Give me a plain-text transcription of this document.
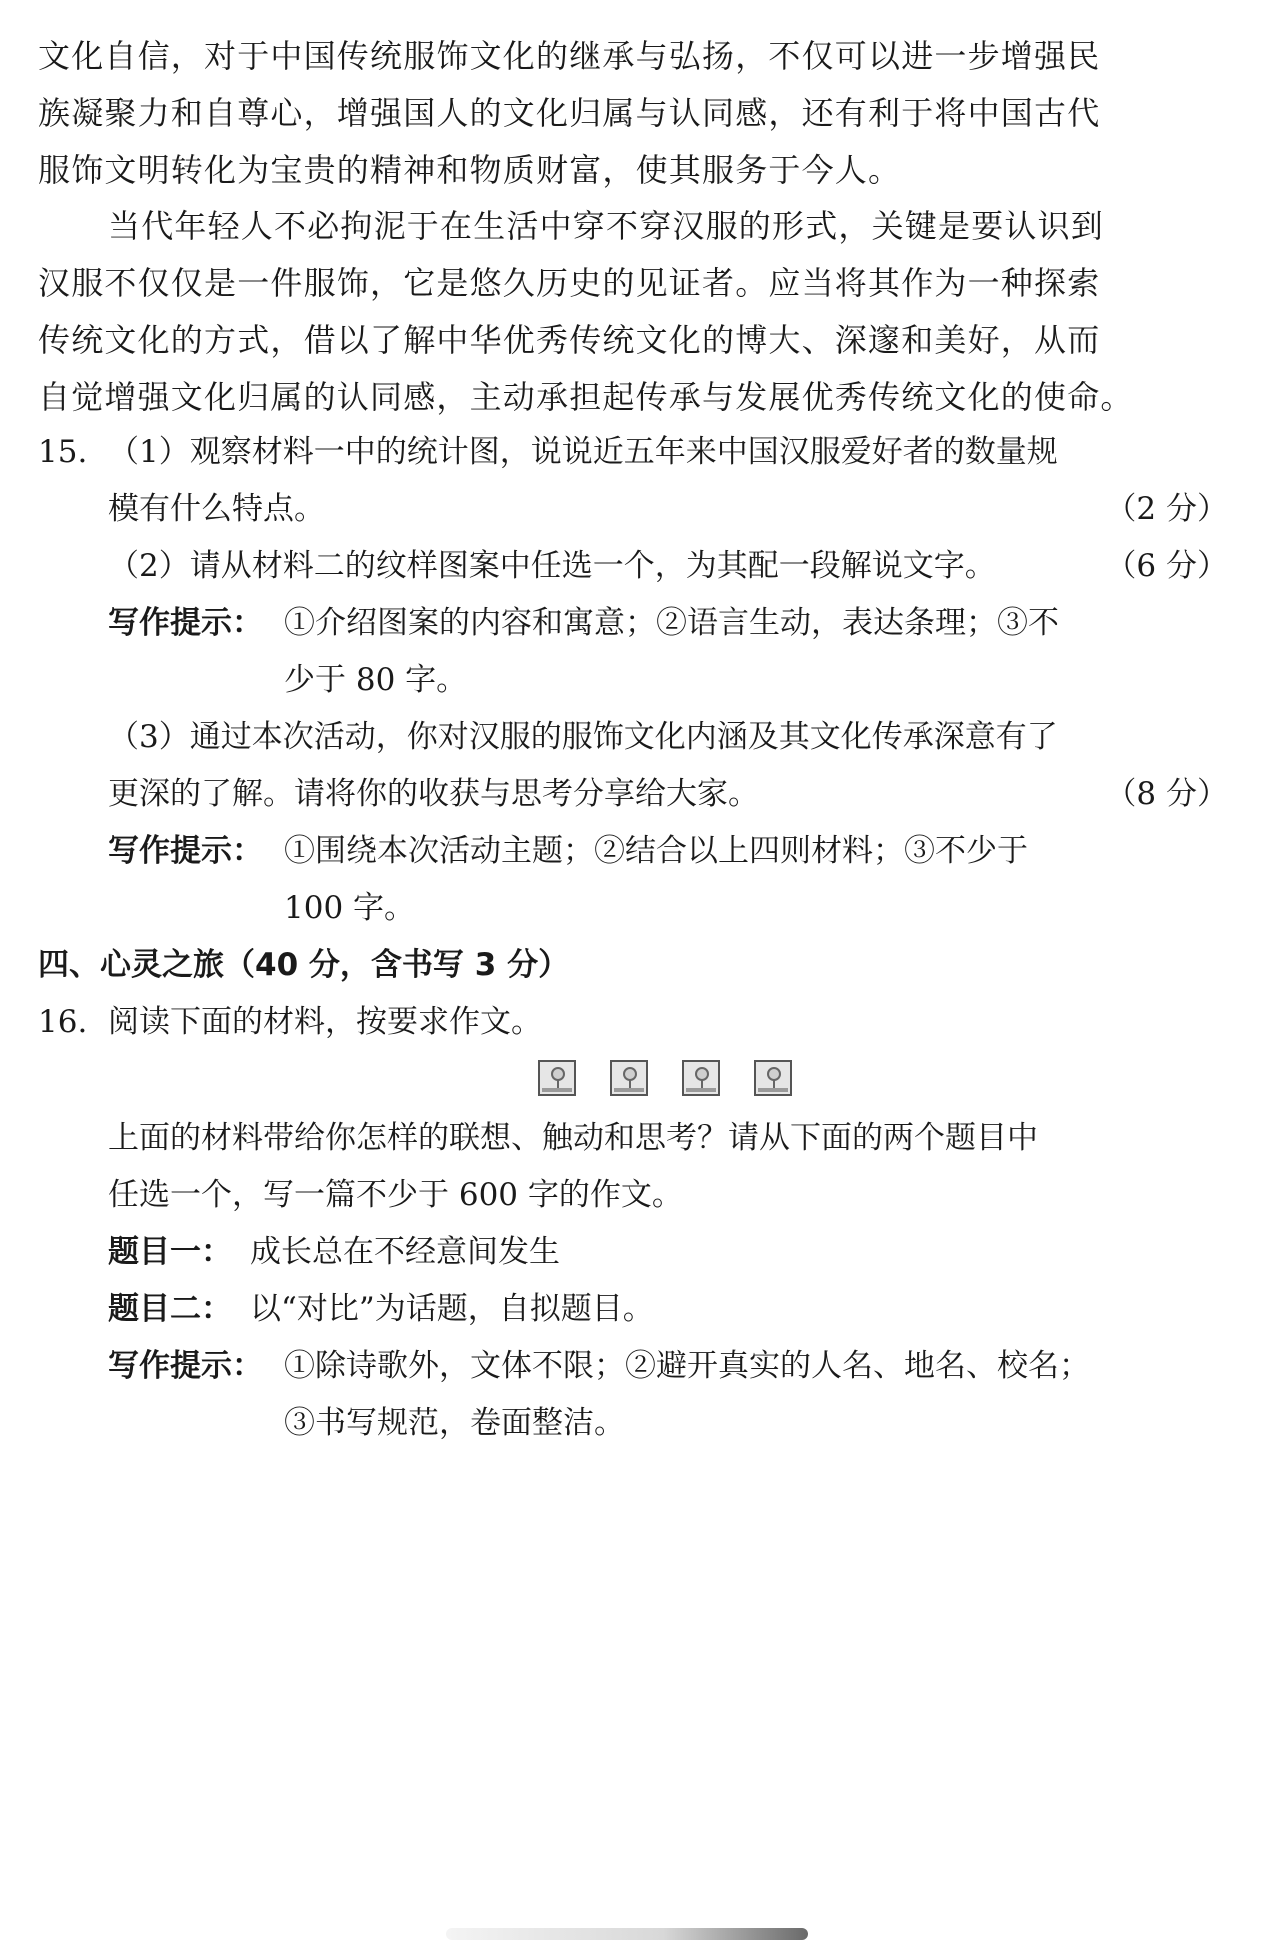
文化自信，对于中国传统服饰文化的继承与弘扬，不仅可以进一步增强民
族凝聚力和自尊心，增强国人的文化归属与认同感，还有利于将中国古代
服饰文明转化为宝贵的精神和物质财富，使其服务于今人。
当代年轻人不必拘泥于在生活中穿不穿汉服的形式，关键是要认识到
汉服不仅仅是一件服饰，它是悠久历史的见证者。应当将其作为一种探索
传统文化的方式，借以了解中华优秀传统文化的博大、深邃和美好，从而
自觉增强文化归属的认同感，主动承担起传承与发展优秀传统文化的使命。
15. （1）观察材料一中的统计图，说说近五年来中国汉服爱好者的数量规
模有什么特点。	（2 分）
（2）请从材料二的纹样图案中任选一个，为其配一段解说文字。	（6 分）
写作提示： ①介绍图案的内容和寓意；②语言生动，表达条理；③不
少于 80 字。
（3）通过本次活动，你对汉服的服饰文化内涵及其文化传承深意有了
更深的了解。请将你的收获与思考分享给大家。	（8 分）
写作提示： ①围绕本次活动主题；②结合以上四则材料；③不少于
100 字。
四、心灵之旅（40 分，含书写 3 分）
16. 阅读下面的材料，按要求作文。
上面的材料带给你怎样的联想、触动和思考？请从下面的两个题目中
任选一个，写一篇不少于 600 字的作文。
题目一： 成长总在不经意间发生
题目二： 以“对比”为话题，自拟题目。
写作提示： ①除诗歌外，文体不限；②避开真实的人名、地名、校名；
③书写规范，卷面整洁。
